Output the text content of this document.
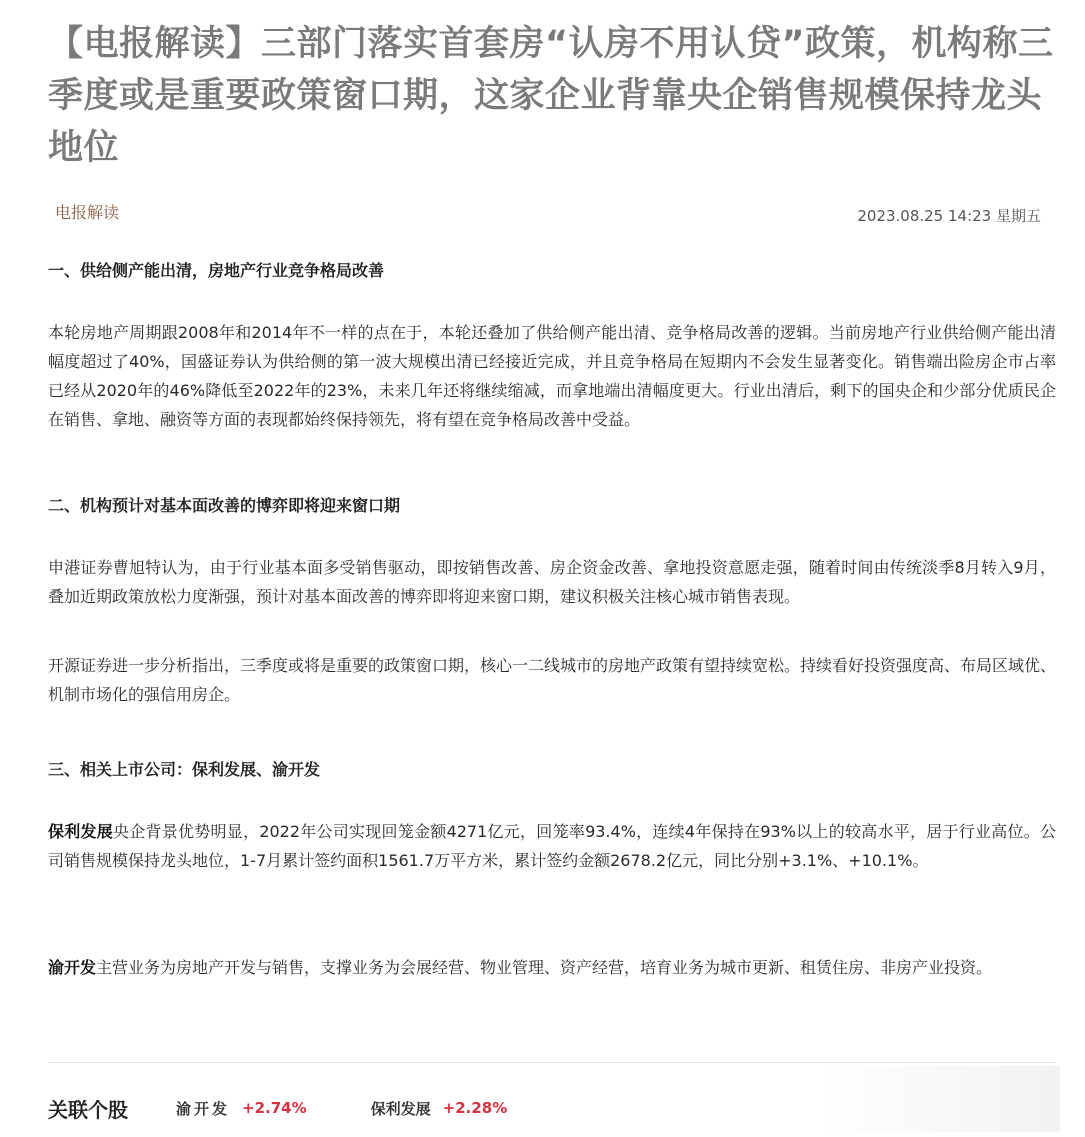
【电报解读】三部门落实首套房“认房不用认贷”政策，机构称三季度或是重要政策窗口期，这家企业背靠央企销售规模保持龙头地位
电报解读	2023.08.25 14:23 星期五
一、供给侧产能出清，房地产行业竞争格局改善

本轮房地产周期跟2008年和2014年不一样的点在于，本轮还叠加了供给侧产能出清、竞争格局改善的逻辑。当前房地产行业供给侧产能出清幅度超过了40%，国盛证券认为供给侧的第一波大规模出清已经接近完成，并且竞争格局在短期内不会发生显著变化。销售端出险房企市占率已经从2020年的46%降低至2022年的23%，未来几年还将继续缩减，而拿地端出清幅度更大。行业出清后，剩下的国央企和少部分优质民企在销售、拿地、融资等方面的表现都始终保持领先，将有望在竞争格局改善中受益。

二、机构预计对基本面改善的博弈即将迎来窗口期

申港证券曹旭特认为，由于行业基本面多受销售驱动，即按销售改善、房企资金改善、拿地投资意愿走强，随着时间由传统淡季8月转入9月，叠加近期政策放松力度渐强，预计对基本面改善的博弈即将迎来窗口期，建议积极关注核心城市销售表现。

开源证券进一步分析指出，三季度或将是重要的政策窗口期，核心一二线城市的房地产政策有望持续宽松。持续看好投资强度高、布局区域优、机制市场化的强信用房企。

三、相关上市公司：保利发展、渝开发

保利发展央企背景优势明显，2022年公司实现回笼金额4271亿元，回笼率93.4%，连续4年保持在93%以上的较高水平，居于行业高位。公司销售规模保持龙头地位，1-7月累计签约面积1561.7万平方米，累计签约金额2678.2亿元，同比分别+3.1%、+10.1%。

渝开发主营业务为房地产开发与销售，支撑业务为会展经营、物业管理、资产经营，培育业务为城市更新、租赁住房、非房产业投资。

关联个股	渝开发 +2.74%	保利发展 +2.28%
